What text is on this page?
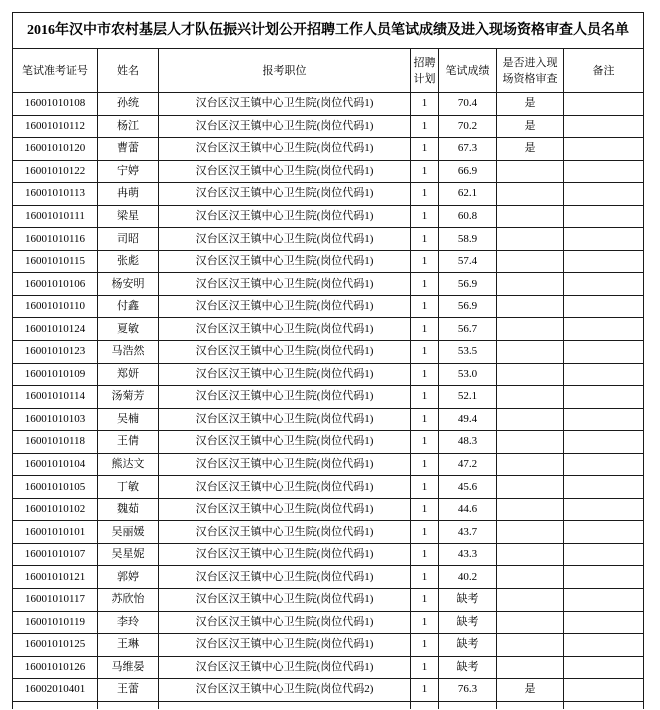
2016年汉中市农村基层人才队伍振兴计划公开招聘工作人员笔试成绩及进入现场资格审查人员名单						
笔试准考证号	姓名	报考职位	招聘
计划	笔试成绩	是否进入现
场资格审查	备注
16001010108	孙统	汉台区汉王镇中心卫生院(岗位代码1)	1	70.4	是	
16001010112	杨江	汉台区汉王镇中心卫生院(岗位代码1)	1	70.2	是	
16001010120	曹蕾	汉台区汉王镇中心卫生院(岗位代码1)	1	67.3	是	
16001010122	宁婷	汉台区汉王镇中心卫生院(岗位代码1)	1	66.9		
16001010113	冉萌	汉台区汉王镇中心卫生院(岗位代码1)	1	62.1		
16001010111	梁星	汉台区汉王镇中心卫生院(岗位代码1)	1	60.8		
16001010116	司昭	汉台区汉王镇中心卫生院(岗位代码1)	1	58.9		
16001010115	张彪	汉台区汉王镇中心卫生院(岗位代码1)	1	57.4		
16001010106	杨安明	汉台区汉王镇中心卫生院(岗位代码1)	1	56.9		
16001010110	付鑫	汉台区汉王镇中心卫生院(岗位代码1)	1	56.9		
16001010124	夏敏	汉台区汉王镇中心卫生院(岗位代码1)	1	56.7		
16001010123	马浩然	汉台区汉王镇中心卫生院(岗位代码1)	1	53.5		
16001010109	郑妍	汉台区汉王镇中心卫生院(岗位代码1)	1	53.0		
16001010114	汤菊芳	汉台区汉王镇中心卫生院(岗位代码1)	1	52.1		
16001010103	吴楠	汉台区汉王镇中心卫生院(岗位代码1)	1	49.4		
16001010118	王倩	汉台区汉王镇中心卫生院(岗位代码1)	1	48.3		
16001010104	熊达文	汉台区汉王镇中心卫生院(岗位代码1)	1	47.2		
16001010105	丁敏	汉台区汉王镇中心卫生院(岗位代码1)	1	45.6		
16001010102	魏茹	汉台区汉王镇中心卫生院(岗位代码1)	1	44.6		
16001010101	吴丽媛	汉台区汉王镇中心卫生院(岗位代码1)	1	43.7		
16001010107	吴星妮	汉台区汉王镇中心卫生院(岗位代码1)	1	43.3		
16001010121	郭婷	汉台区汉王镇中心卫生院(岗位代码1)	1	40.2		
16001010117	苏欣怡	汉台区汉王镇中心卫生院(岗位代码1)	1	缺考		
16001010119	李玲	汉台区汉王镇中心卫生院(岗位代码1)	1	缺考		
16001010125	王琳	汉台区汉王镇中心卫生院(岗位代码1)	1	缺考		
16001010126	马维晏	汉台区汉王镇中心卫生院(岗位代码1)	1	缺考		
16002010401	王蕾	汉台区汉王镇中心卫生院(岗位代码2)	1	76.3	是	
